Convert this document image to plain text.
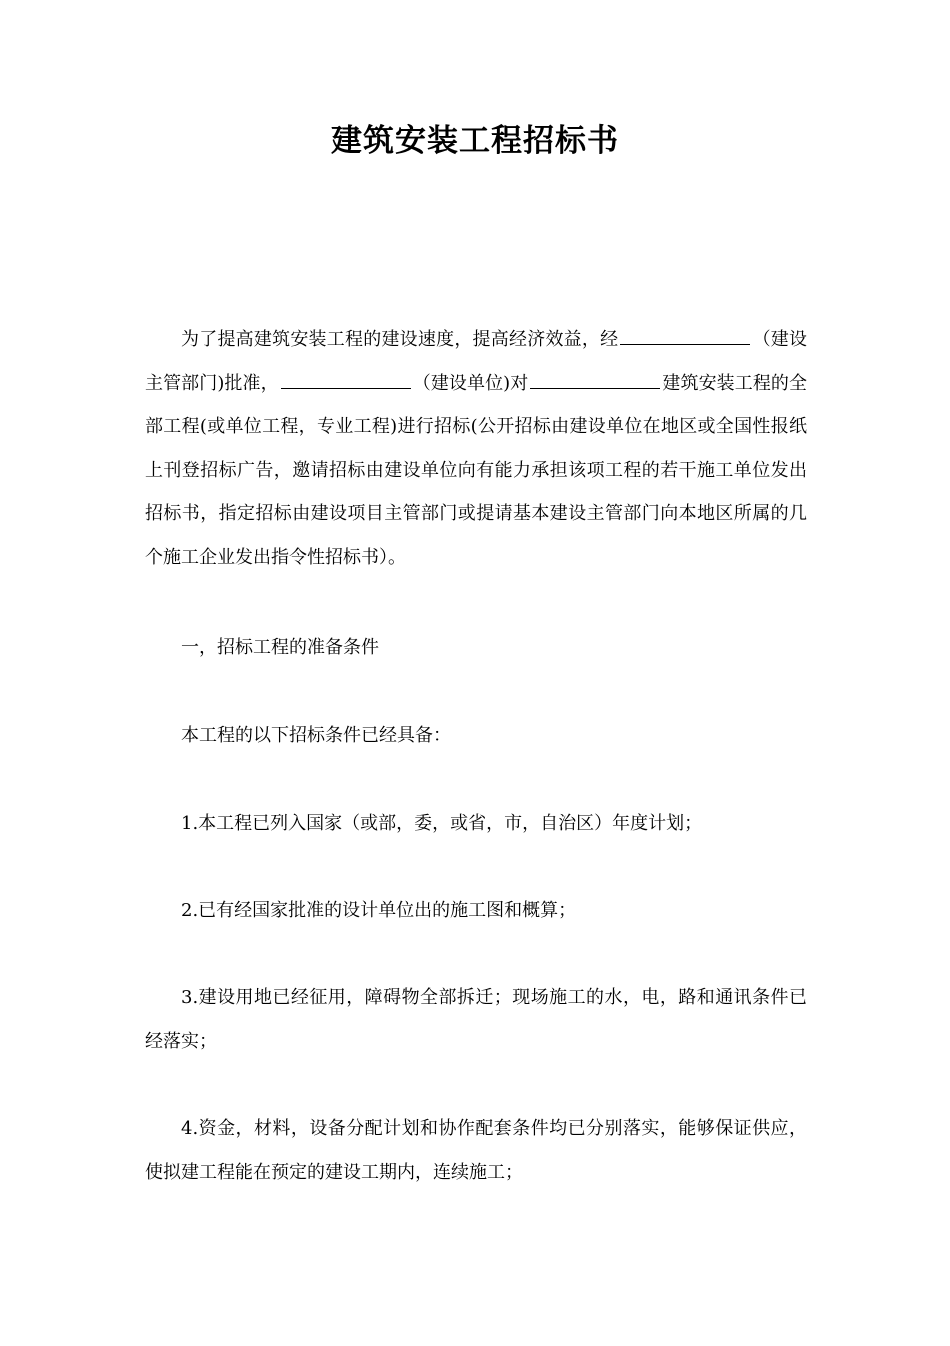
建筑安装工程招标书

为了提高建筑安装工程的建设速度，提高经济效益，经	（建设主管部门)批准，	（建设单位)对	建筑安装工程的全部工程(或单位工程，专业工程)进行招标(公开招标由建设单位在地区或全国性报纸上刊登招标广告，邀请招标由建设单位向有能力承担该项工程的若干施工单位发出招标书，指定招标由建设项目主管部门或提请基本建设主管部门向本地区所属的几个施工企业发出指令性招标书）。

一，招标工程的准备条件

本工程的以下招标条件已经具备：

1.本工程已列入国家（或部，委，或省，市，自治区）年度计划；

2.已有经国家批准的设计单位出的施工图和概算；

3.建设用地已经征用，障碍物全部拆迁；现场施工的水，电，路和通讯条件已经落实；

4.资金，材料，设备分配计划和协作配套条件均已分别落实，能够保证供应，使拟建工程能在预定的建设工期内，连续施工；
